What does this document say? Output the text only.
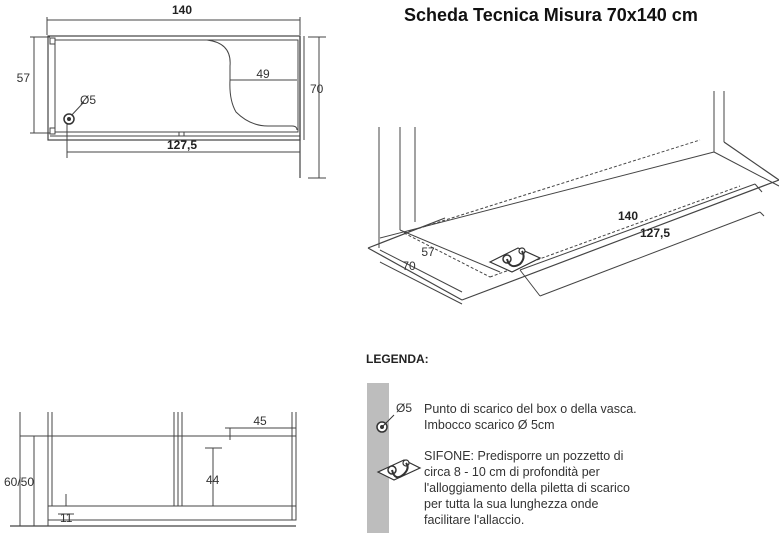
Scheda Tecnica Misura 70x140 cm
140
57
70
49
127,5
Ø5
140
127,5
57
70
60/50
45
44
11
Ø5
LEGENDA:
Punto di scarico del box o della vasca. Imbocco scarico Ø 5cm
SIFONE: Predisporre un pozzetto di circa 8 - 10 cm di profondità per l'alloggiamento della piletta di scarico per tutta la sua lunghezza onde facilitare l'allaccio.
